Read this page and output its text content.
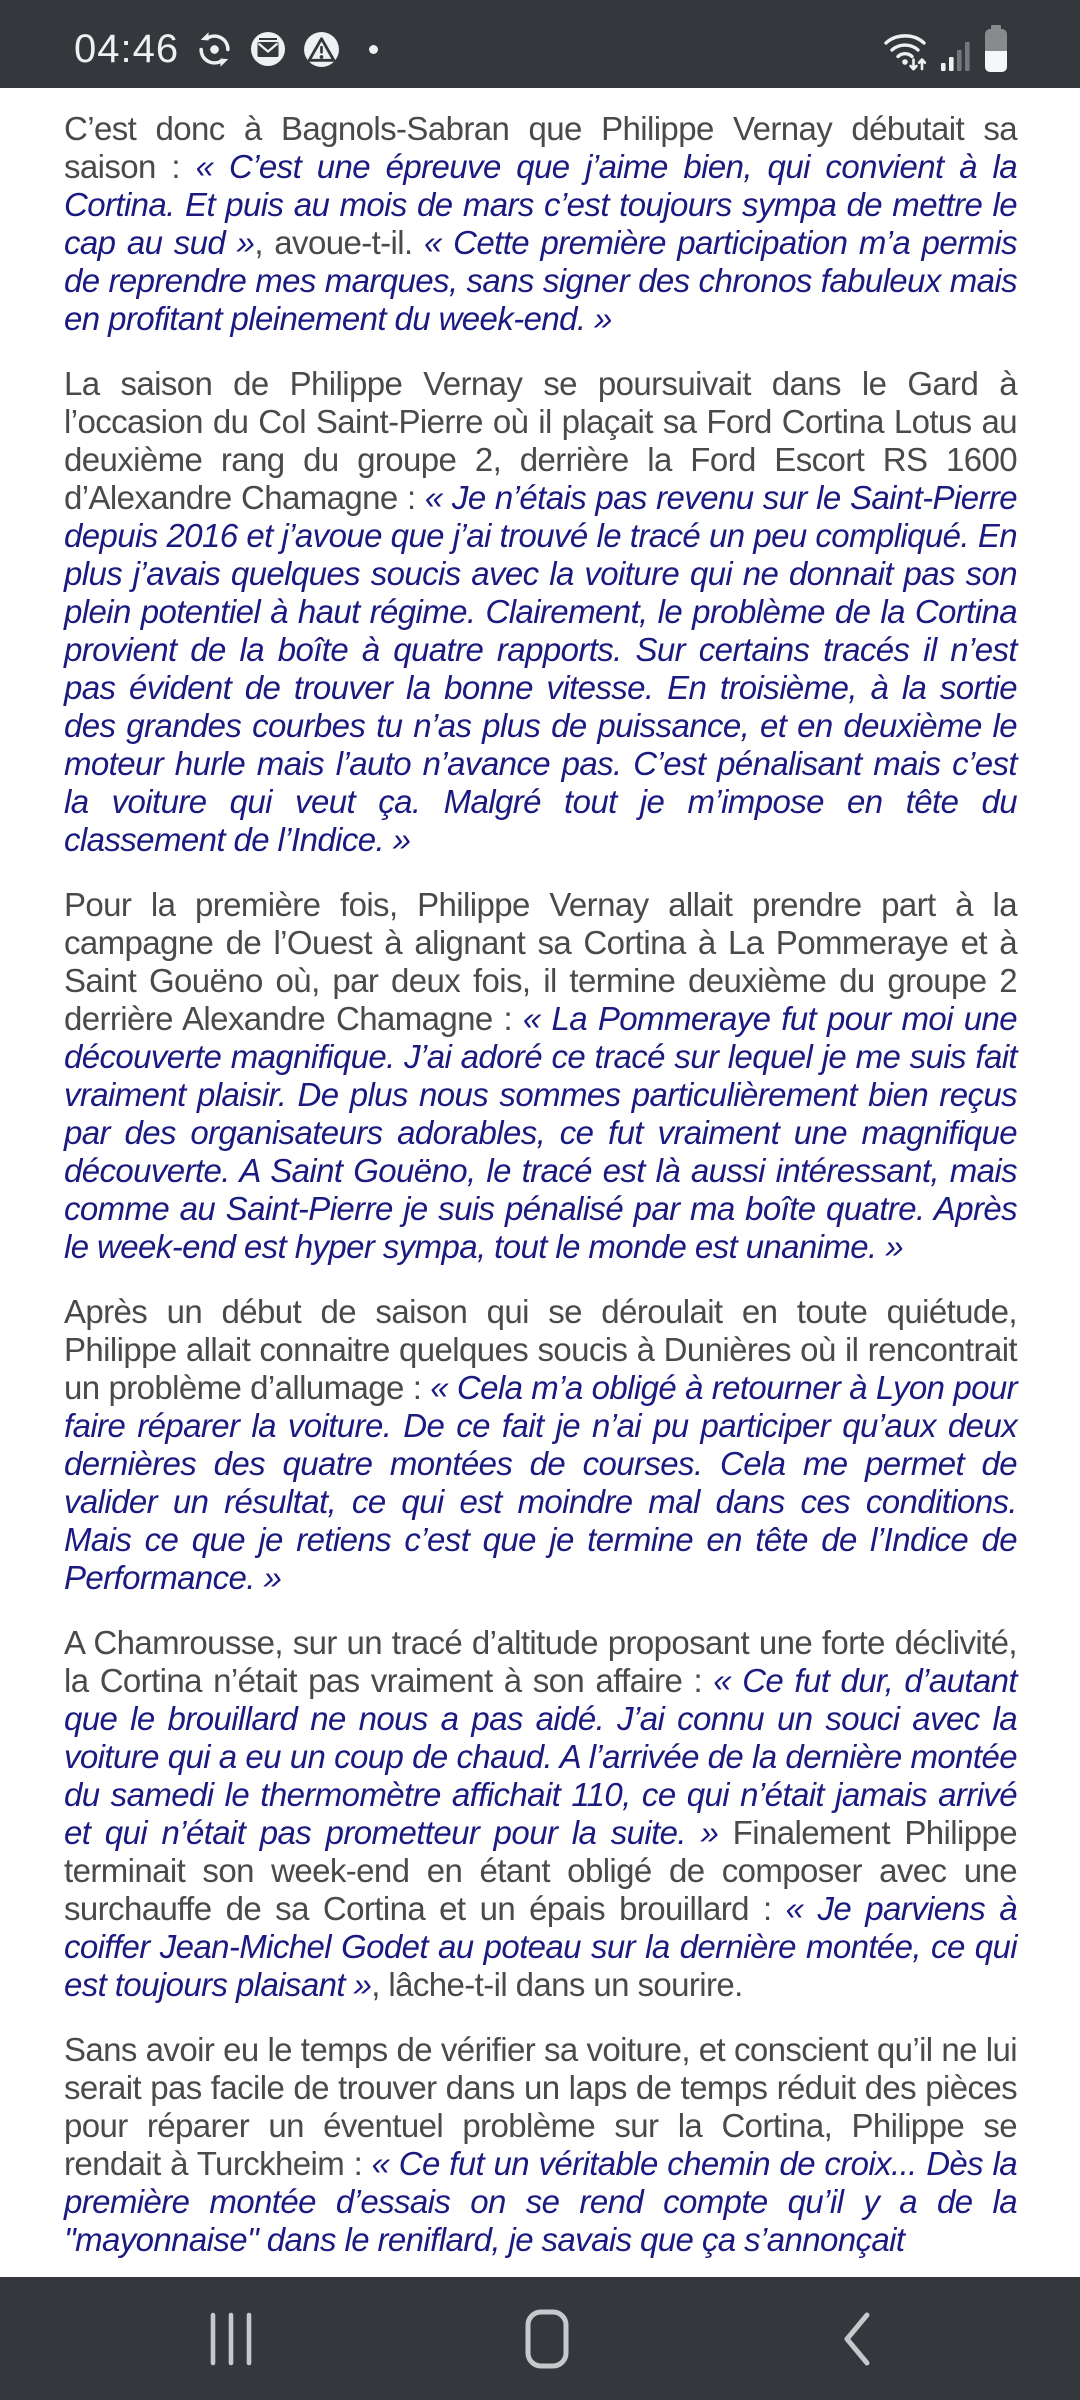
04:46

C’est donc à Bagnols-Sabran que Philippe Vernay débutait sa saison : « C’est une épreuve que j’aime bien, qui convient à la Cortina. Et puis au mois de mars c’est toujours sympa de mettre le cap au sud », avoue-t-il. « Cette première participation m’a permis de reprendre mes marques, sans signer des chronos fabuleux mais en profitant pleinement du week-end. »

La saison de Philippe Vernay se poursuivait dans le Gard à l’occasion du Col Saint-Pierre où il plaçait sa Ford Cortina Lotus au deuxième rang du groupe 2, derrière la Ford Escort RS 1600 d’Alexandre Chamagne : « Je n’étais pas revenu sur le Saint-Pierre depuis 2016 et j’avoue que j’ai trouvé le tracé un peu compliqué. En plus j’avais quelques soucis avec la voiture qui ne donnait pas son plein potentiel à haut régime. Clairement, le problème de la Cortina provient de la boîte à quatre rapports. Sur certains tracés il n’est pas évident de trouver la bonne vitesse. En troisième, à la sortie des grandes courbes tu n’as plus de puissance, et en deuxième le moteur hurle mais l’auto n’avance pas. C’est pénalisant mais c’est la voiture qui veut ça. Malgré tout je m’impose en tête du classement de l’Indice. »

Pour la première fois, Philippe Vernay allait prendre part à la campagne de l’Ouest à alignant sa Cortina à La Pommeraye et à Saint Gouëno où, par deux fois, il termine deuxième du groupe 2 derrière Alexandre Chamagne : « La Pommeraye fut pour moi une découverte magnifique. J’ai adoré ce tracé sur lequel je me suis fait vraiment plaisir. De plus nous sommes particulièrement bien reçus par des organisateurs adorables, ce fut vraiment une magnifique découverte. A Saint Gouëno, le tracé est là aussi intéressant, mais comme au Saint-Pierre je suis pénalisé par ma boîte quatre. Après le week-end est hyper sympa, tout le monde est unanime. »

Après un début de saison qui se déroulait en toute quiétude, Philippe allait connaitre quelques soucis à Dunières où il rencontrait un problème d’allumage : « Cela m’a obligé à retourner à Lyon pour faire réparer la voiture. De ce fait je n’ai pu participer qu’aux deux dernières des quatre montées de courses. Cela me permet de valider un résultat, ce qui est moindre mal dans ces conditions. Mais ce que je retiens c’est que je termine en tête de l’Indice de Performance. »

A Chamrousse, sur un tracé d’altitude proposant une forte déclivité, la Cortina n’était pas vraiment à son affaire : « Ce fut dur, d’autant que le brouillard ne nous a pas aidé. J’ai connu un souci avec la voiture qui a eu un coup de chaud. A l’arrivée de la dernière montée du samedi le thermomètre affichait 110, ce qui n’était jamais arrivé et qui n’était pas prometteur pour la suite. » Finalement Philippe terminait son week-end en étant obligé de composer avec une surchauffe de sa Cortina et un épais brouillard : « Je parviens à coiffer Jean-Michel Godet au poteau sur la dernière montée, ce qui est toujours plaisant », lâche-t-il dans un sourire.

Sans avoir eu le temps de vérifier sa voiture, et conscient qu’il ne lui serait pas facile de trouver dans un laps de temps réduit des pièces pour réparer un éventuel problème sur la Cortina, Philippe se rendait à Turckheim : « Ce fut un véritable chemin de croix... Dès la première montée d’essais on se rend compte qu’il y a de la "mayonnaise" dans le reniflard, je savais que ça s’annonçait
